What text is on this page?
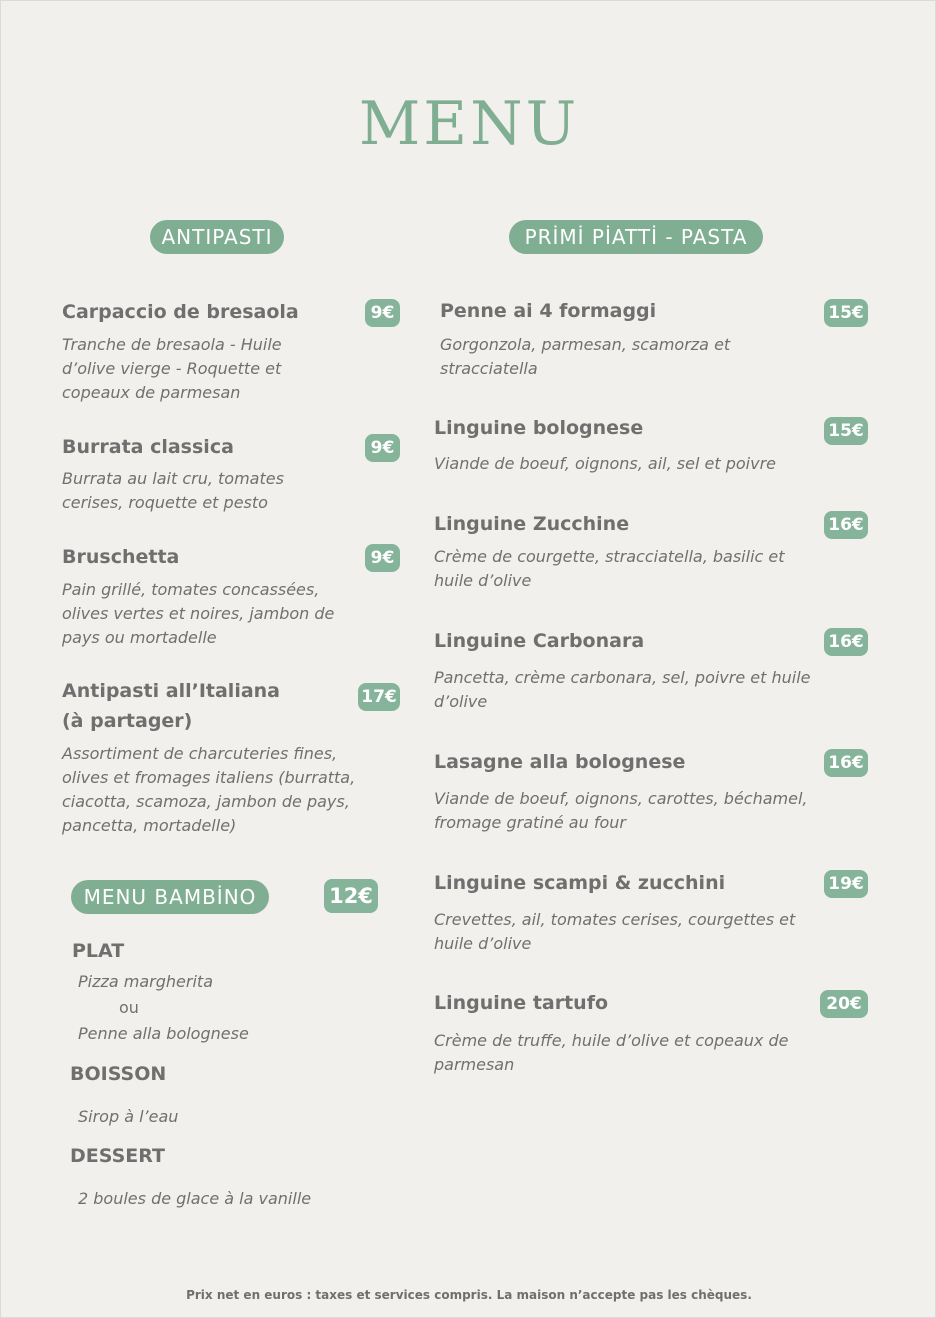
MENU
ANTIPASTI
Carpaccio de bresaola	9€
Tranche de bresaola - Huile d’olive vierge - Roquette et copeaux de parmesan
Burrata classica	9€
Burrata au lait cru, tomates cerises, roquette et pesto
Bruschetta	9€
Pain grillé, tomates concassées, olives vertes et noires, jambon de pays ou mortadelle
Antipasti all’Italiana (à partager)
17€
Assortiment de charcuteries fines, olives et fromages italiens (burratta, ciacotta, scamoza, jambon de pays, pancetta, mortadelle)
MENU BAMBİNO	12€
PLAT
Pizza margherita
ou
Penne alla bolognese
BOISSON
Sirop à l’eau
DESSERT
2 boules de glace à la vanille
PRİMİ PİATTİ - PASTA
Penne ai 4 formaggi	15€
Gorgonzola, parmesan, scamorza et stracciatella
Linguine bolognese	15€
Viande de boeuf, oignons, ail, sel et poivre
Linguine Zucchine	16€
Crème de courgette, stracciatella, basilic et huile d’olive
Linguine Carbonara	16€
Pancetta, crème carbonara, sel, poivre et huile d’olive
Lasagne alla bolognese	16€
Viande de boeuf, oignons, carottes, béchamel, fromage gratiné au four
Linguine scampi & zucchini	19€
Crevettes, ail, tomates cerises, courgettes et huile d’olive
Linguine tartufo	20€
Crème de truffe, huile d’olive et copeaux de parmesan
Prix net en euros : taxes et services compris. La maison n’accepte pas les chèques.
